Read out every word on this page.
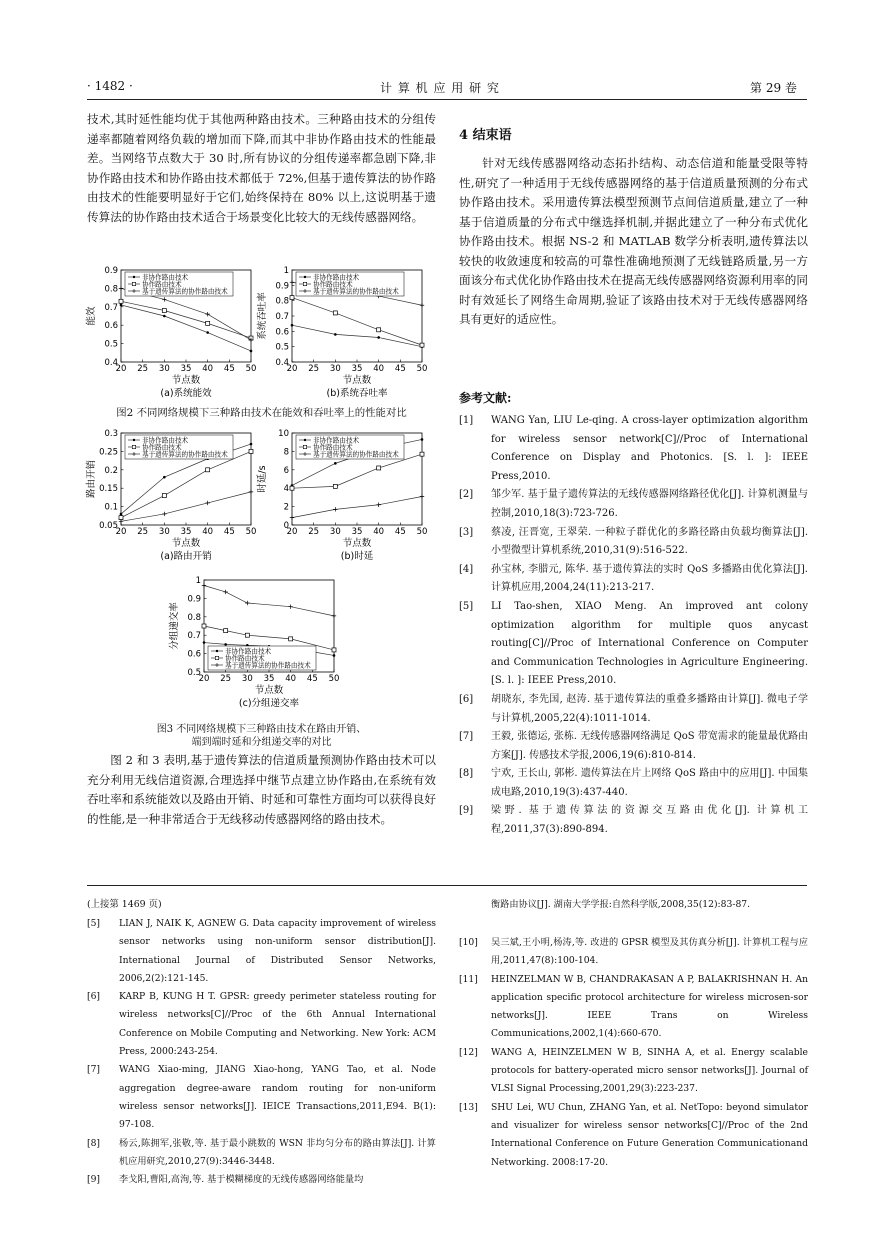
· 1482 ·	计 算 机 应 用 研 究	第 29 卷

技术,其时延性能均优于其他两种路由技术。三种路由技术的分组传递率都随着网络负载的增加而下降,而其中非协作路由技术的性能最差。当网络节点数大于 30 时,所有协议的分组传递率都急剧下降,非协作路由技术和协作路由技术都低于 72%,但基于遗传算法的协作路由技术的性能要明显好于它们,始终保持在 80% 以上,这说明基于遗传算法的协作路由技术适合于场景变化比较大的无线传感器网络。

20 25 30 35 40 45 50
0.4
0.5
0.6
0.7
0.8
0.9
节点数
能效
(a)系统能效
非协作路由技术
协作路由技术
基于遗传算法的协作路由技术
20 25 30 35 40 45 50
0.4
0.5
0.6
0.7
0.8
0.9
1
节点数
系统吞吐率
(b)系统吞吐率
非协作路由技术
协作路由技术
基于遗传算法的协作路由技术
图2 不同网络规模下三种路由技术在能效和吞吐率上的性能对比
20 25 30 35 40 45 50
0.05
0.1
0.15
0.2
0.25
0.3
节点数
路由开销
(a)路由开销
非协作路由技术
协作路由技术
基于遗传算法的协作路由技术
20 25 30 35 40 45 50
0
2
4
6
8
10
节点数
时延/s
(b)时延
非协作路由技术
协作路由技术
基于遗传算法的协作路由技术
20 25 30 35 40 45 50
0.5
0.6
0.7
0.8
0.9
1
节点数
分组递交率
(c)分组递交率
非协作路由技术
协作路由技术
基于遗传算法的协作路由技术
图3 不同网络规模下三种路由技术在路由开销、
端到端时延和分组递交率的对比

图 2 和 3 表明,基于遗传算法的信道质量预测协作路由技术可以充分利用无线信道资源,合理选择中继节点建立协作路由,在系统有效吞吐率和系统能效以及路由开销、时延和可靠性方面均可以获得良好的性能,是一种非常适合于无线移动传感器网络的路由技术。

4 结束语

针对无线传感器网络动态拓扑结构、动态信道和能量受限等特性,研究了一种适用于无线传感器网络的基于信道质量预测的分布式协作路由技术。采用遗传算法模型预测节点间信道质量,建立了一种基于信道质量的分布式中继选择机制,并据此建立了一种分布式优化协作路由技术。根据 NS-2 和 MATLAB 数学分析表明,遗传算法以较快的收敛速度和较高的可靠性准确地预测了无线链路质量,另一方面该分布式优化协作路由技术在提高无线传感器网络资源利用率的同时有效延长了网络生命周期,验证了该路由技术对于无线传感器网络具有更好的适应性。

参考文献:
[1] WANG Yan, LIU Le-qing. A cross-layer optimization algorithm for wireless sensor network[C]//Proc of International Conference on Display and Photonics. [S. l. ]: IEEE Press,2010.
[2] 邹少军. 基于量子遗传算法的无线传感器网络路径优化[J]. 计算机测量与控制,2010,18(3):723-726.
[3] 蔡凌, 汪晋宽, 王翠荣. 一种粒子群优化的多路径路由负载均衡算法[J]. 小型微型计算机系统,2010,31(9):516-522.
[4] 孙宝林, 李腊元, 陈华. 基于遗传算法的实时 QoS 多播路由优化算法[J]. 计算机应用,2004,24(11):213-217.
[5] LI Tao-shen, XIAO Meng. An improved ant colony optimization algorithm for multiple quos anycast routing[C]//Proc of International Conference on Computer and Communication Technologies in Agriculture Engineering. [S. l. ]: IEEE Press,2010.
[6] 胡晓东, 李先国, 赵涛. 基于遗传算法的重叠多播路由计算[J]. 微电子学与计算机,2005,22(4):1011-1014.
[7] 王毅, 张德运, 张栋. 无线传感器网络满足 QoS 带宽需求的能量最优路由方案[J]. 传感技术学报,2006,19(6):810-814.
[8] 宁欢, 王长山, 郭彬. 遗传算法在片上网络 QoS 路由中的应用[J]. 中国集成电路,2010,19(3):437-440.
[9] 梁野. 基于遗传算法的资源交互路由优化[J]. 计算机工程,2011,37(3):890-894.
(上接第 1469 页)
[5] LIAN J, NAIK K, AGNEW G. Data capacity improvement of wireless sensor networks using non-uniform sensor distribution[J]. International Journal of Distributed Sensor Networks, 2006,2(2):121-145.
[6] KARP B, KUNG H T. GPSR: greedy perimeter stateless routing for wireless networks[C]//Proc of the 6th Annual International Conference on Mobile Computing and Networking. New York: ACM Press, 2000:243-254.
[7] WANG Xiao-ming, JIANG Xiao-hong, YANG Tao, et al. Node aggregation degree-aware random routing for non-uniform wireless sensor networks[J]. IEICE Transactions,2011,E94. B(1): 97-108.
[8] 杨云,陈拥军,张敬,等. 基于最小跳数的 WSN 非均匀分布的路由算法[J]. 计算机应用研究,2010,27(9):3446-3448.
[9] 李戈阳,曹阳,高洵,等. 基于模糊梯度的无线传感器网络能量均
衡路由协议[J]. 湖南大学学报:自然科学版,2008,35(12):83-87.
[10] 吴三斌,王小明,杨涛,等. 改进的 GPSR 模型及其仿真分析[J]. 计算机工程与应用,2011,47(8):100-104.
[11] HEINZELMAN W B, CHANDRAKASAN A P, BALAKRISHNAN H. An application specific protocol architecture for wireless microsen-sor networks[J]. IEEE Trans on Wireless Communications,2002,1(4):660-670.
[12] WANG A, HEINZELMEN W B, SINHA A, et al. Energy scalable protocols for battery-operated micro sensor networks[J]. Journal of VLSI Signal Processing,2001,29(3):223-237.
[13] SHU Lei, WU Chun, ZHANG Yan, et al. NetTopo: beyond simulator and visualizer for wireless sensor networks[C]//Proc of the 2nd International Conference on Future Generation Communicationand Networking. 2008:17-20.
